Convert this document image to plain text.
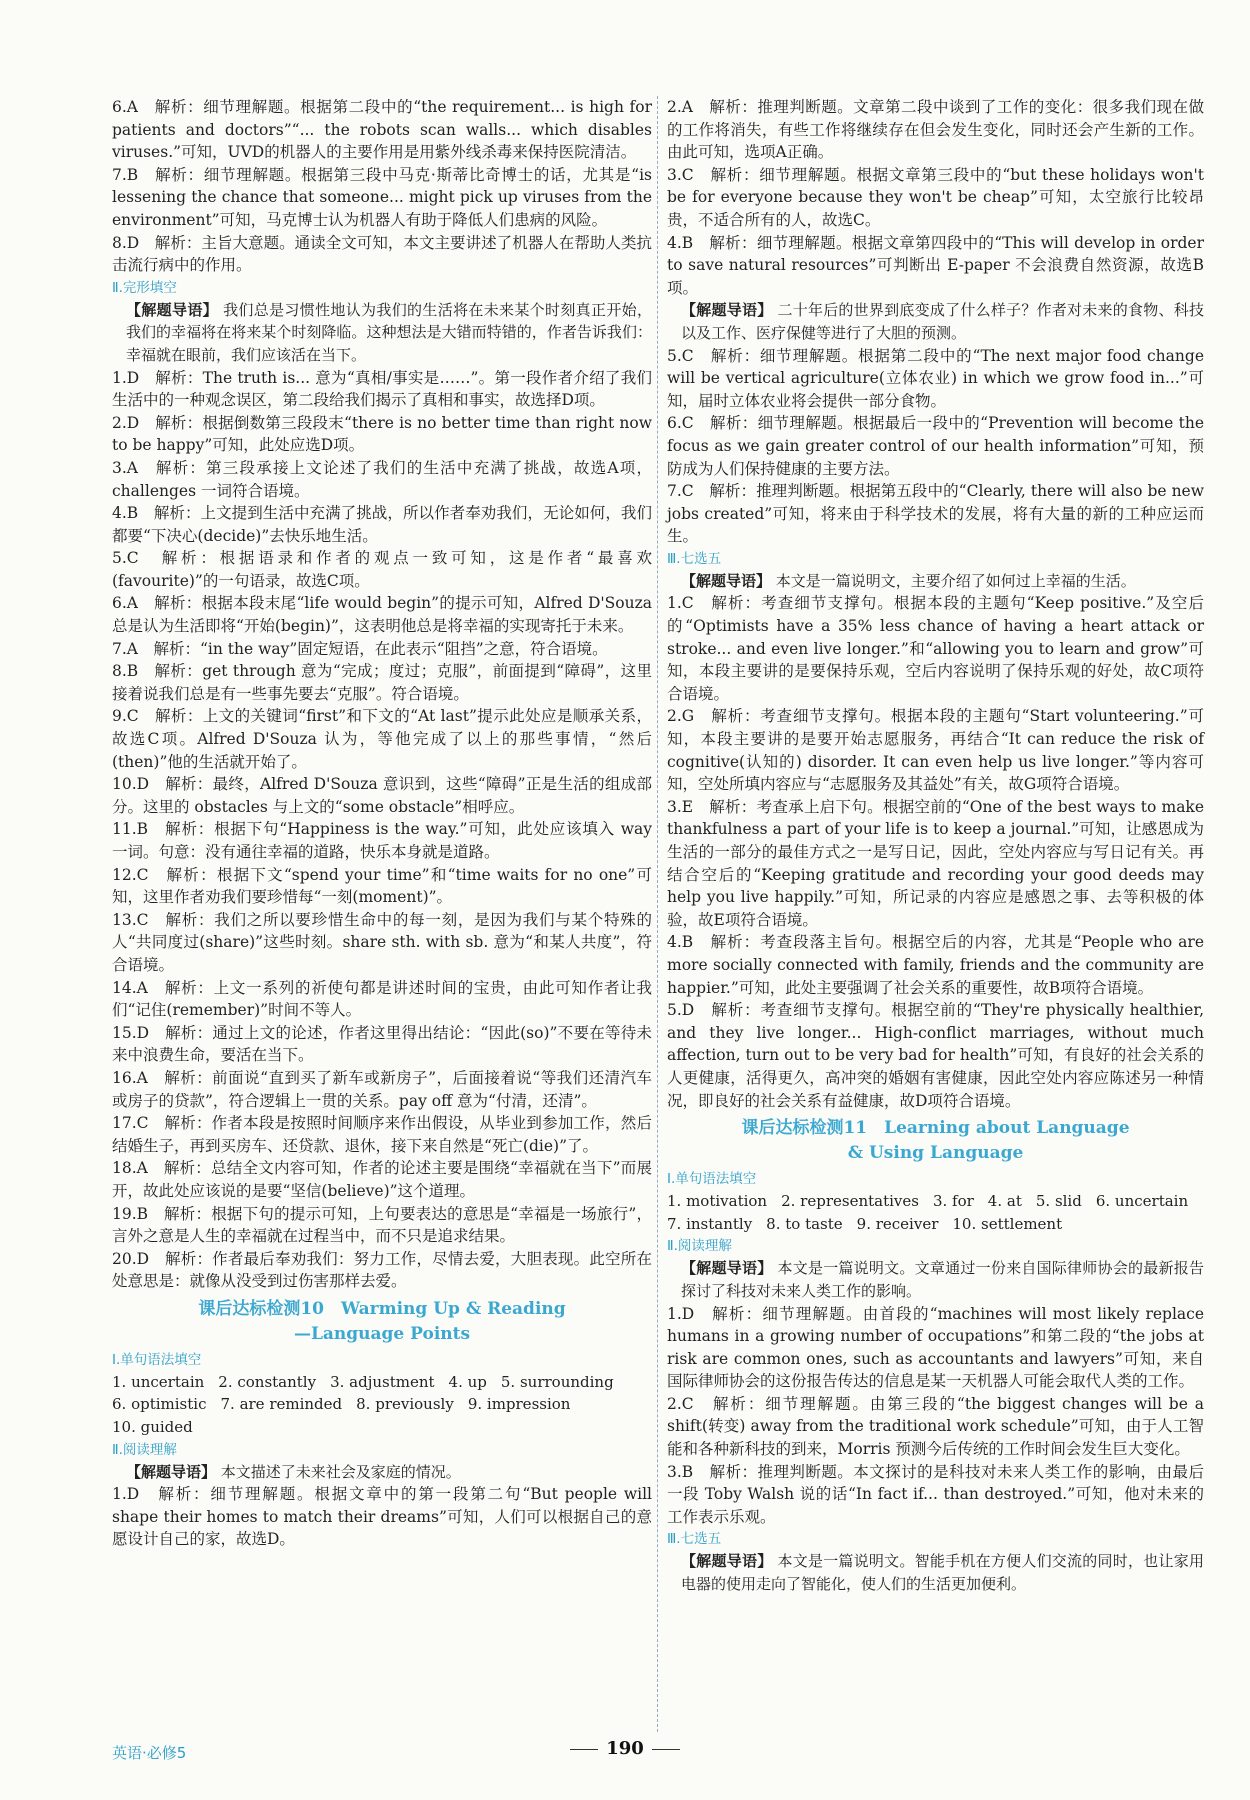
6.A　解析：细节理解题。根据第二段中的“the requirement... is high for patients and doctors”“... the robots scan walls... which disables viruses.”可知，UVD的机器人的主要作用是用紫外线杀毒来保持医院清洁。

7.B　解析：细节理解题。根据第三段中马克·斯蒂比奇博士的话，尤其是“is lessening the chance that someone... might pick up viruses from the environment”可知，马克博士认为机器人有助于降低人们患病的风险。

8.D　解析：主旨大意题。通读全文可知，本文主要讲述了机器人在帮助人类抗击流行病中的作用。

Ⅱ.完形填空

【解题导语】 我们总是习惯性地认为我们的生活将在未来某个时刻真正开始，我们的幸福将在将来某个时刻降临。这种想法是大错而特错的，作者告诉我们：幸福就在眼前，我们应该活在当下。

1.D　解析：The truth is... 意为“真相/事实是……”。第一段作者介绍了我们生活中的一种观念误区，第二段给我们揭示了真相和事实，故选择D项。

2.D　解析：根据倒数第三段段末“there is no better time than right now to be happy”可知，此处应选D项。

3.A　解析：第三段承接上文论述了我们的生活中充满了挑战，故选A项，challenges 一词符合语境。

4.B　解析：上文提到生活中充满了挑战，所以作者奉劝我们，无论如何，我们都要“下决心(decide)”去快乐地生活。

5.C　解析：根据语录和作者的观点一致可知，这是作者“最喜欢(favourite)”的一句语录，故选C项。

6.A　解析：根据本段末尾“life would begin”的提示可知，Alfred D'Souza 总是认为生活即将“开始(begin)”，这表明他总是将幸福的实现寄托于未来。

7.A　解析：“in the way”固定短语，在此表示“阻挡”之意，符合语境。

8.B　解析：get through 意为“完成；度过；克服”，前面提到“障碍”，这里接着说我们总是有一些事先要去“克服”。符合语境。

9.C　解析：上文的关键词“first”和下文的“At last”提示此处应是顺承关系，故选C项。Alfred D'Souza 认为，等他完成了以上的那些事情，“然后(then)”他的生活就开始了。

10.D　解析：最终，Alfred D'Souza 意识到，这些“障碍”正是生活的组成部分。这里的 obstacles 与上文的“some obstacle”相呼应。

11.B　解析：根据下句“Happiness is the way.”可知，此处应该填入 way 一词。句意：没有通往幸福的道路，快乐本身就是道路。

12.C　解析：根据下文“spend your time”和“time waits for no one”可知，这里作者劝我们要珍惜每“一刻(moment)”。

13.C　解析：我们之所以要珍惜生命中的每一刻，是因为我们与某个特殊的人“共同度过(share)”这些时刻。share sth. with sb. 意为“和某人共度”，符合语境。

14.A　解析：上文一系列的祈使句都是讲述时间的宝贵，由此可知作者让我们“记住(remember)”时间不等人。

15.D　解析：通过上文的论述，作者这里得出结论：“因此(so)”不要在等待未来中浪费生命，要活在当下。

16.A　解析：前面说“直到买了新车或新房子”，后面接着说“等我们还清汽车或房子的贷款”，符合逻辑上一贯的关系。pay off 意为“付清，还清”。

17.C　解析：作者本段是按照时间顺序来作出假设，从毕业到参加工作，然后结婚生子，再到买房车、还贷款、退休，接下来自然是“死亡(die)”了。

18.A　解析：总结全文内容可知，作者的论述主要是围绕“幸福就在当下”而展开，故此处应该说的是要“坚信(believe)”这个道理。

19.B　解析：根据下句的提示可知，上句要表达的意思是“幸福是一场旅行”，言外之意是人生的幸福就在过程当中，而不只是追求结果。

20.D　解析：作者最后奉劝我们：努力工作，尽情去爱，大胆表现。此空所在处意思是：就像从没受到过伤害那样去爱。

课后达标检测10　Warming Up & Reading
—Language Points

Ⅰ.单句语法填空

1. uncertain 2. constantly 3. adjustment 4. up 5. surrounding

6. optimistic 7. are reminded 8. previously 9. impression

10. guided

Ⅱ.阅读理解

【解题导语】 本文描述了未来社会及家庭的情况。

1.D　解析：细节理解题。根据文章中的第一段第二句“But people will shape their homes to match their dreams”可知，人们可以根据自己的意愿设计自己的家，故选D。

2.A　解析：推理判断题。文章第二段中谈到了工作的变化：很多我们现在做的工作将消失，有些工作将继续存在但会发生变化，同时还会产生新的工作。由此可知，选项A正确。

3.C　解析：细节理解题。根据文章第三段中的“but these holidays won't be for everyone because they won't be cheap”可知，太空旅行比较昂贵，不适合所有的人，故选C。

4.B　解析：细节理解题。根据文章第四段中的“This will develop in order to save natural resources”可判断出 E-paper 不会浪费自然资源，故选B项。

【解题导语】 二十年后的世界到底变成了什么样子？作者对未来的食物、科技以及工作、医疗保健等进行了大胆的预测。

5.C　解析：细节理解题。根据第二段中的“The next major food change will be vertical agriculture(立体农业) in which we grow food in...”可知，届时立体农业将会提供一部分食物。

6.C　解析：细节理解题。根据最后一段中的“Prevention will become the focus as we gain greater control of our health information”可知，预防成为人们保持健康的主要方法。

7.C　解析：推理判断题。根据第五段中的“Clearly, there will also be new jobs created”可知，将来由于科学技术的发展，将有大量的新的工种应运而生。

Ⅲ.七选五

【解题导语】 本文是一篇说明文，主要介绍了如何过上幸福的生活。

1.C　解析：考查细节支撑句。根据本段的主题句“Keep positive.”及空后的“Optimists have a 35% less chance of having a heart attack or stroke... and even live longer.”和“allowing you to learn and grow”可知，本段主要讲的是要保持乐观，空后内容说明了保持乐观的好处，故C项符合语境。

2.G　解析：考查细节支撑句。根据本段的主题句“Start volunteering.”可知，本段主要讲的是要开始志愿服务，再结合“It can reduce the risk of cognitive(认知的) disorder. It can even help us live longer.”等内容可知，空处所填内容应与“志愿服务及其益处”有关，故G项符合语境。

3.E　解析：考查承上启下句。根据空前的“One of the best ways to make thankfulness a part of your life is to keep a journal.”可知，让感恩成为生活的一部分的最佳方式之一是写日记，因此，空处内容应与写日记有关。再结合空后的“Keeping gratitude and recording your good deeds may help you live happily.”可知，所记录的内容应是感恩之事、去等积极的体验，故E项符合语境。

4.B　解析：考查段落主旨句。根据空后的内容，尤其是“People who are more socially connected with family, friends and the community are happier.”可知，此处主要强调了社会关系的重要性，故B项符合语境。

5.D　解析：考查细节支撑句。根据空前的“They're physically healthier, and they live longer... High-conflict marriages, without much affection, turn out to be very bad for health”可知，有良好的社会关系的人更健康，活得更久，高冲突的婚姻有害健康，因此空处内容应陈述另一种情况，即良好的社会关系有益健康，故D项符合语境。

课后达标检测11　Learning about Language
& Using Language

Ⅰ.单句语法填空

1. motivation 2. representatives 3. for 4. at 5. slid 6. uncertain

7. instantly 8. to taste 9. receiver 10. settlement

Ⅱ.阅读理解

【解题导语】 本文是一篇说明文。文章通过一份来自国际律师协会的最新报告探讨了科技对未来人类工作的影响。

1.D　解析：细节理解题。由首段的“machines will most likely replace humans in a growing number of occupations”和第二段的“the jobs at risk are common ones, such as accountants and lawyers”可知，来自国际律师协会的这份报告传达的信息是某一天机器人可能会取代人类的工作。

2.C　解析：细节理解题。由第三段的“the biggest changes will be a shift(转变) away from the traditional work schedule”可知，由于人工智能和各种新科技的到来，Morris 预测今后传统的工作时间会发生巨大变化。

3.B　解析：推理判断题。本文探讨的是科技对未来人类工作的影响，由最后一段 Toby Walsh 说的话“In fact if... than destroyed.”可知，他对未来的工作表示乐观。

Ⅲ.七选五

【解题导语】 本文是一篇说明文。智能手机在方便人们交流的同时，也让家用电器的使用走向了智能化，使人们的生活更加便利。

英语·必修5	190
